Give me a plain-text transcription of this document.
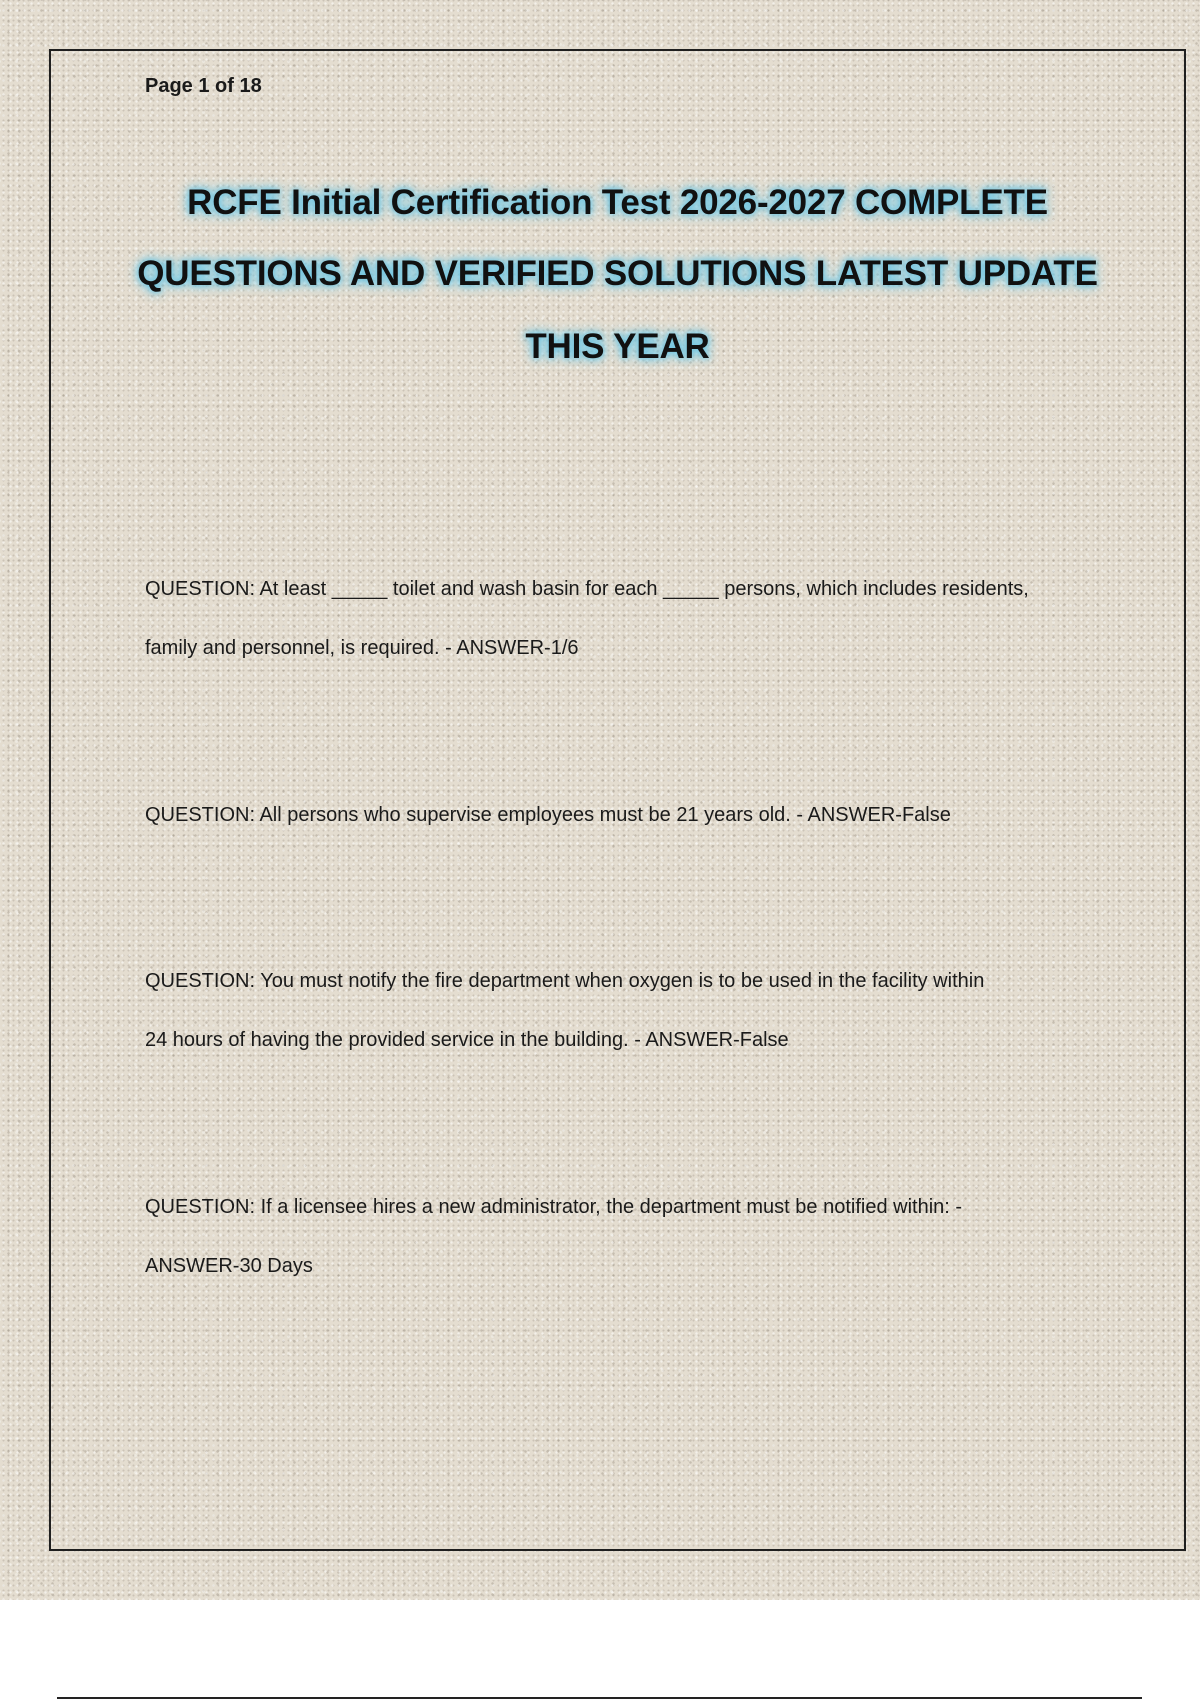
Page 1 of 18
RCFE Initial Certification Test 2026-2027 COMPLETE
QUESTIONS AND VERIFIED SOLUTIONS LATEST UPDATE
THIS YEAR

QUESTION: At least _____ toilet and wash basin for each _____ persons, which includes residents,

family and personnel, is required. - ANSWER-1/6

QUESTION: All persons who supervise employees must be 21 years old. - ANSWER-False

QUESTION: You must notify the fire department when oxygen is to be used in the facility within

24 hours of having the provided service in the building. - ANSWER-False

QUESTION: If a licensee hires a new administrator, the department must be notified within: -

ANSWER-30 Days
